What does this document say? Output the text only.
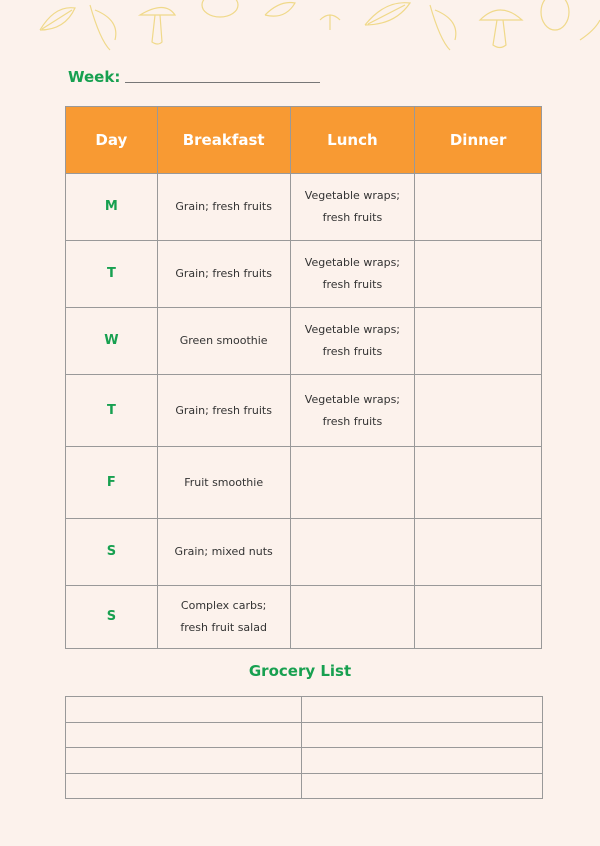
Week:
Day	Breakfast	Lunch	Dinner
M	Grain; fresh fruits	Vegetable wraps;
fresh fruits	

T	Grain; fresh fruits	Vegetable wraps;
fresh fruits	

W	Green smoothie	Vegetable wraps;
fresh fruits	

T	Grain; fresh fruits	Vegetable wraps;
fresh fruits	

F	Fruit smoothie	

S	Grain; mixed nuts	

S	Complex carbs;
fresh fruit salad	

Grocery List
